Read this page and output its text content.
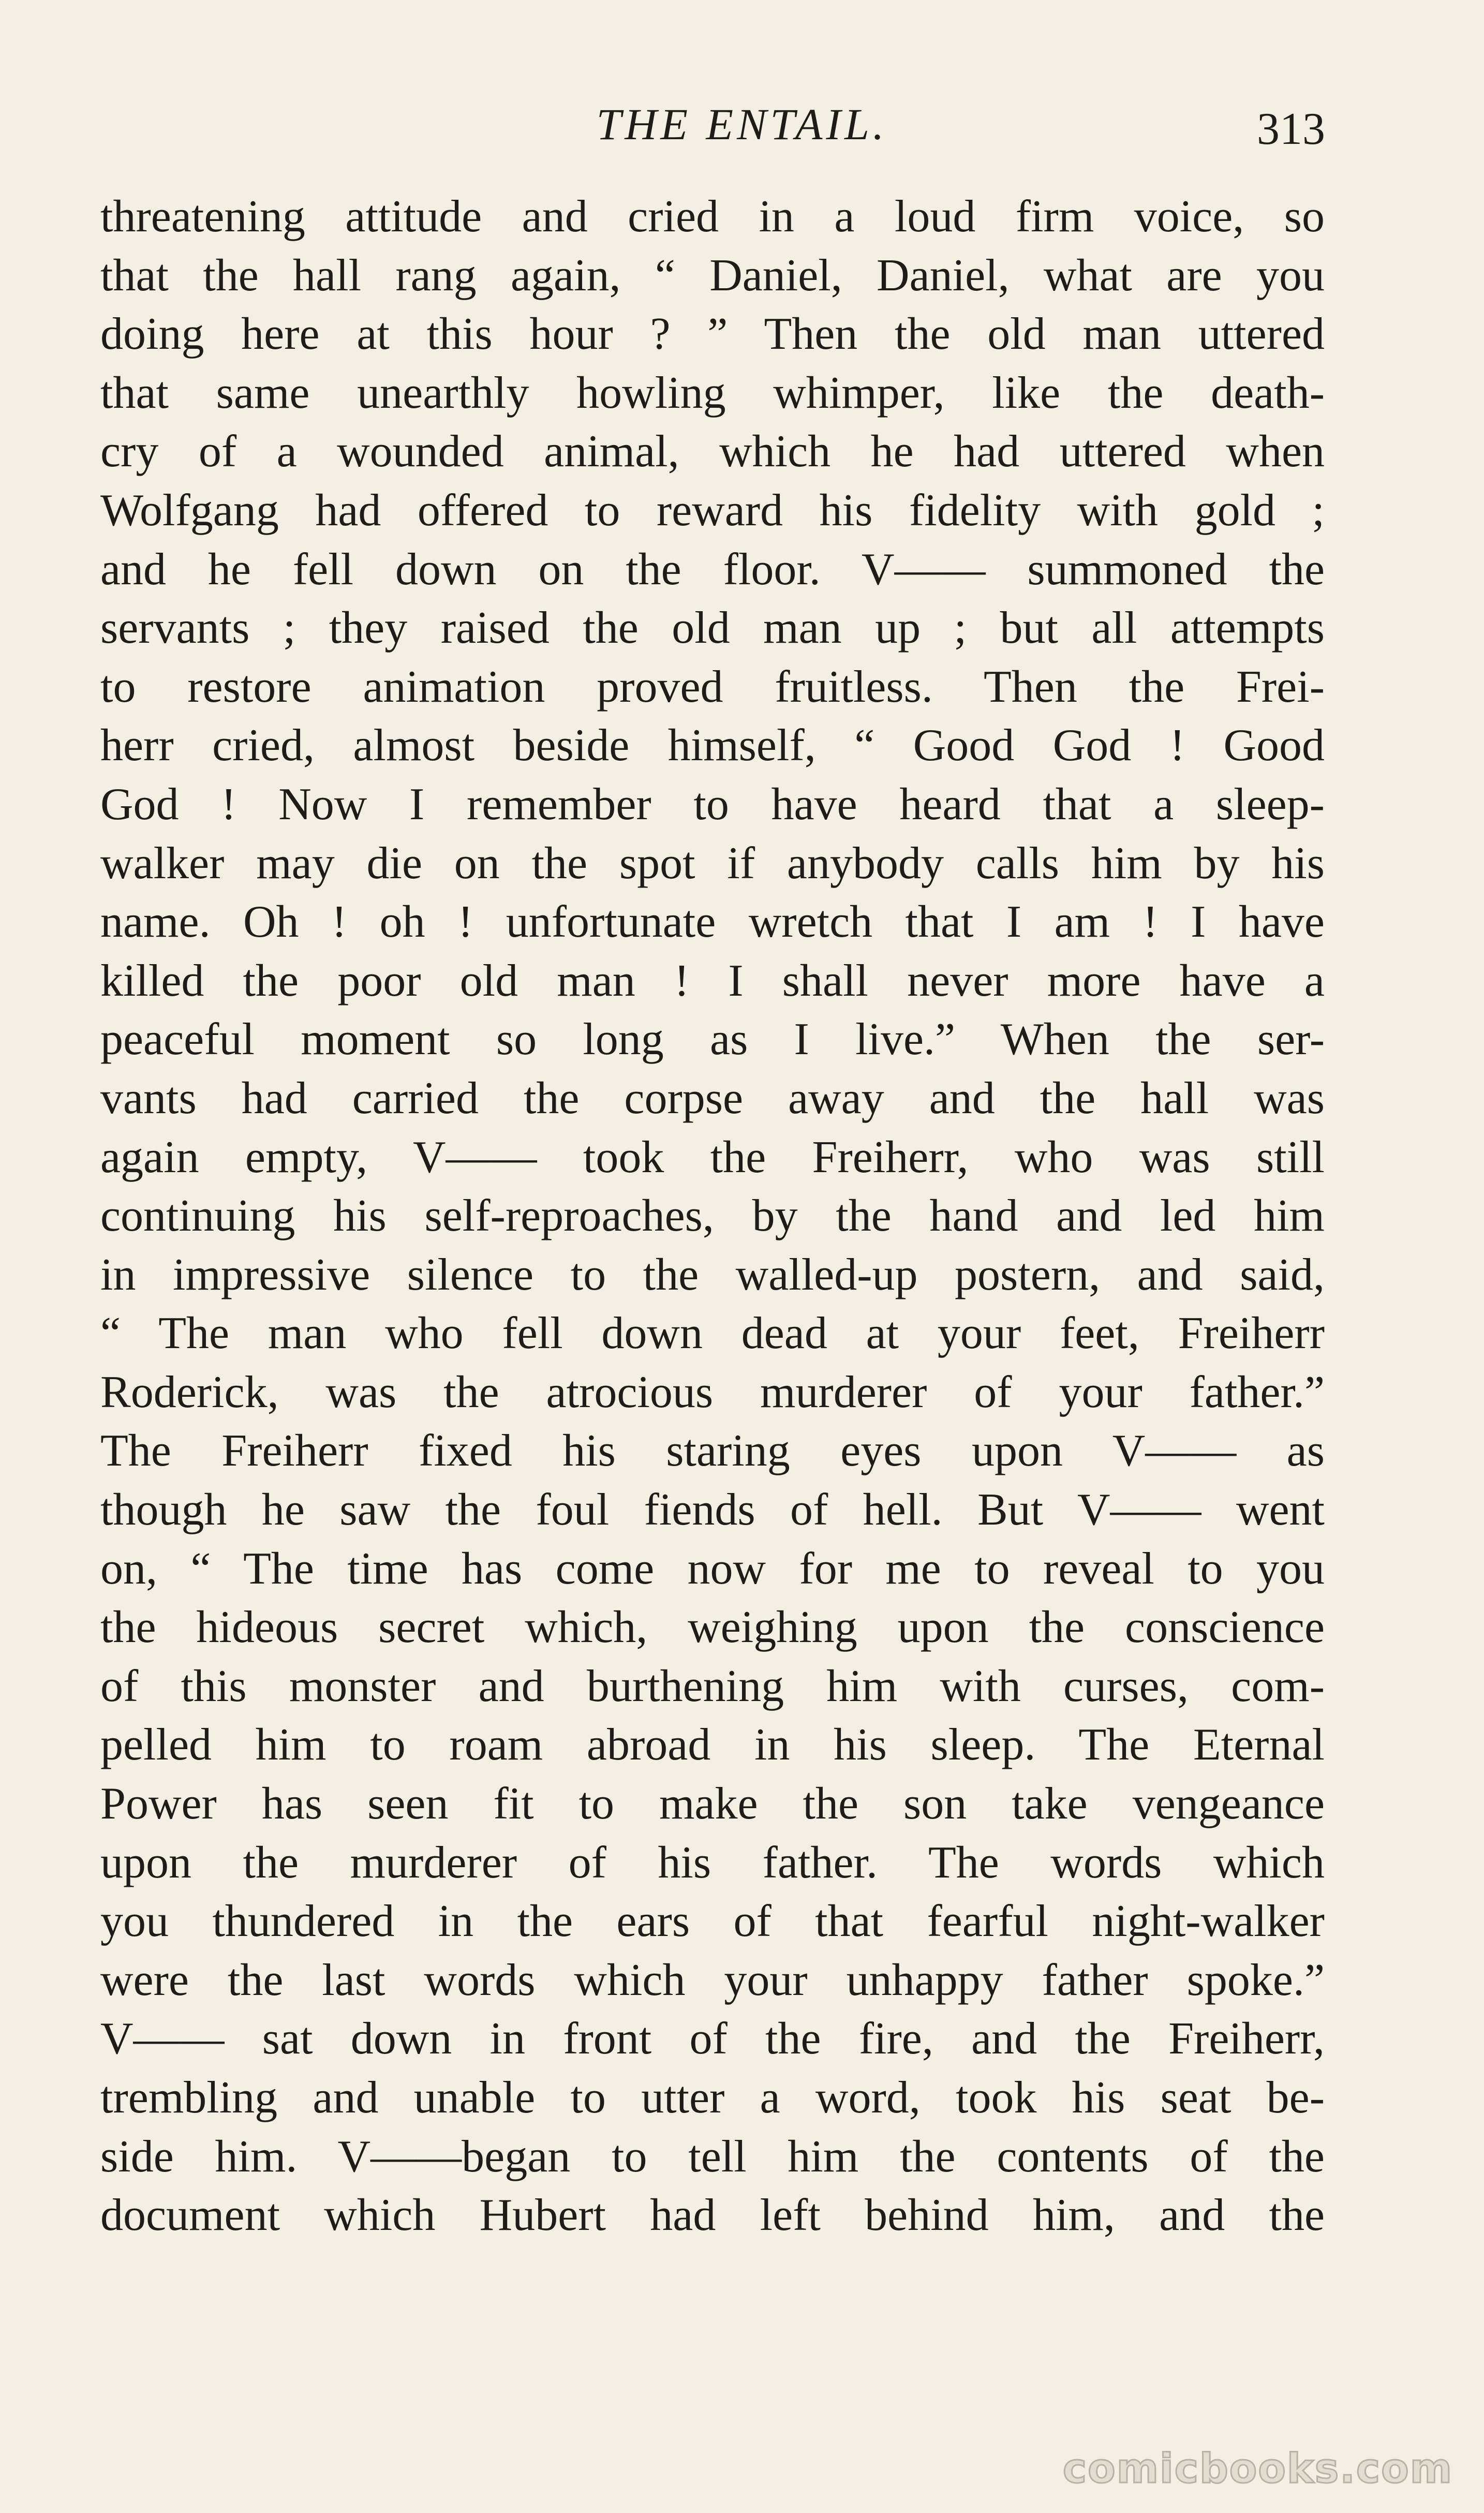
THE ENTAIL.	313
threatening attitude and cried in a loud firm voice, so
that the hall rang again, “ Daniel, Daniel, what are you
doing here at this hour ? ” Then the old man uttered
that same unearthly howling whimper, like the death-
cry of a wounded animal, which he had uttered when
Wolfgang had offered to reward his fidelity with gold ;
and he fell down on the floor. V—— summoned the
servants ; they raised the old man up ; but all attempts
to restore animation proved fruitless. Then the Frei-
herr cried, almost beside himself, “ Good God ! Good
God ! Now I remember to have heard that a sleep-
walker may die on the spot if anybody calls him by his
name. Oh ! oh ! unfortunate wretch that I am ! I have
killed the poor old man ! I shall never more have a
peaceful moment so long as I live.” When the ser-
vants had carried the corpse away and the hall was
again empty, V—— took the Freiherr, who was still
continuing his self-reproaches, by the hand and led him
in impressive silence to the walled-up postern, and said,
“ The man who fell down dead at your feet, Freiherr
Roderick, was the atrocious murderer of your father.”
The Freiherr fixed his staring eyes upon V—— as
though he saw the foul fiends of hell. But V—— went
on, “ The time has come now for me to reveal to you
the hideous secret which, weighing upon the conscience
of this monster and burthening him with curses, com-
pelled him to roam abroad in his sleep. The Eternal
Power has seen fit to make the son take vengeance
upon the murderer of his father. The words which
you thundered in the ears of that fearful night-walker
were the last words which your unhappy father spoke.”
V—— sat down in front of the fire, and the Freiherr,
trembling and unable to utter a word, took his seat be-
side him. V——began to tell him the contents of the
document which Hubert had left behind him, and the
comicbooks.com
